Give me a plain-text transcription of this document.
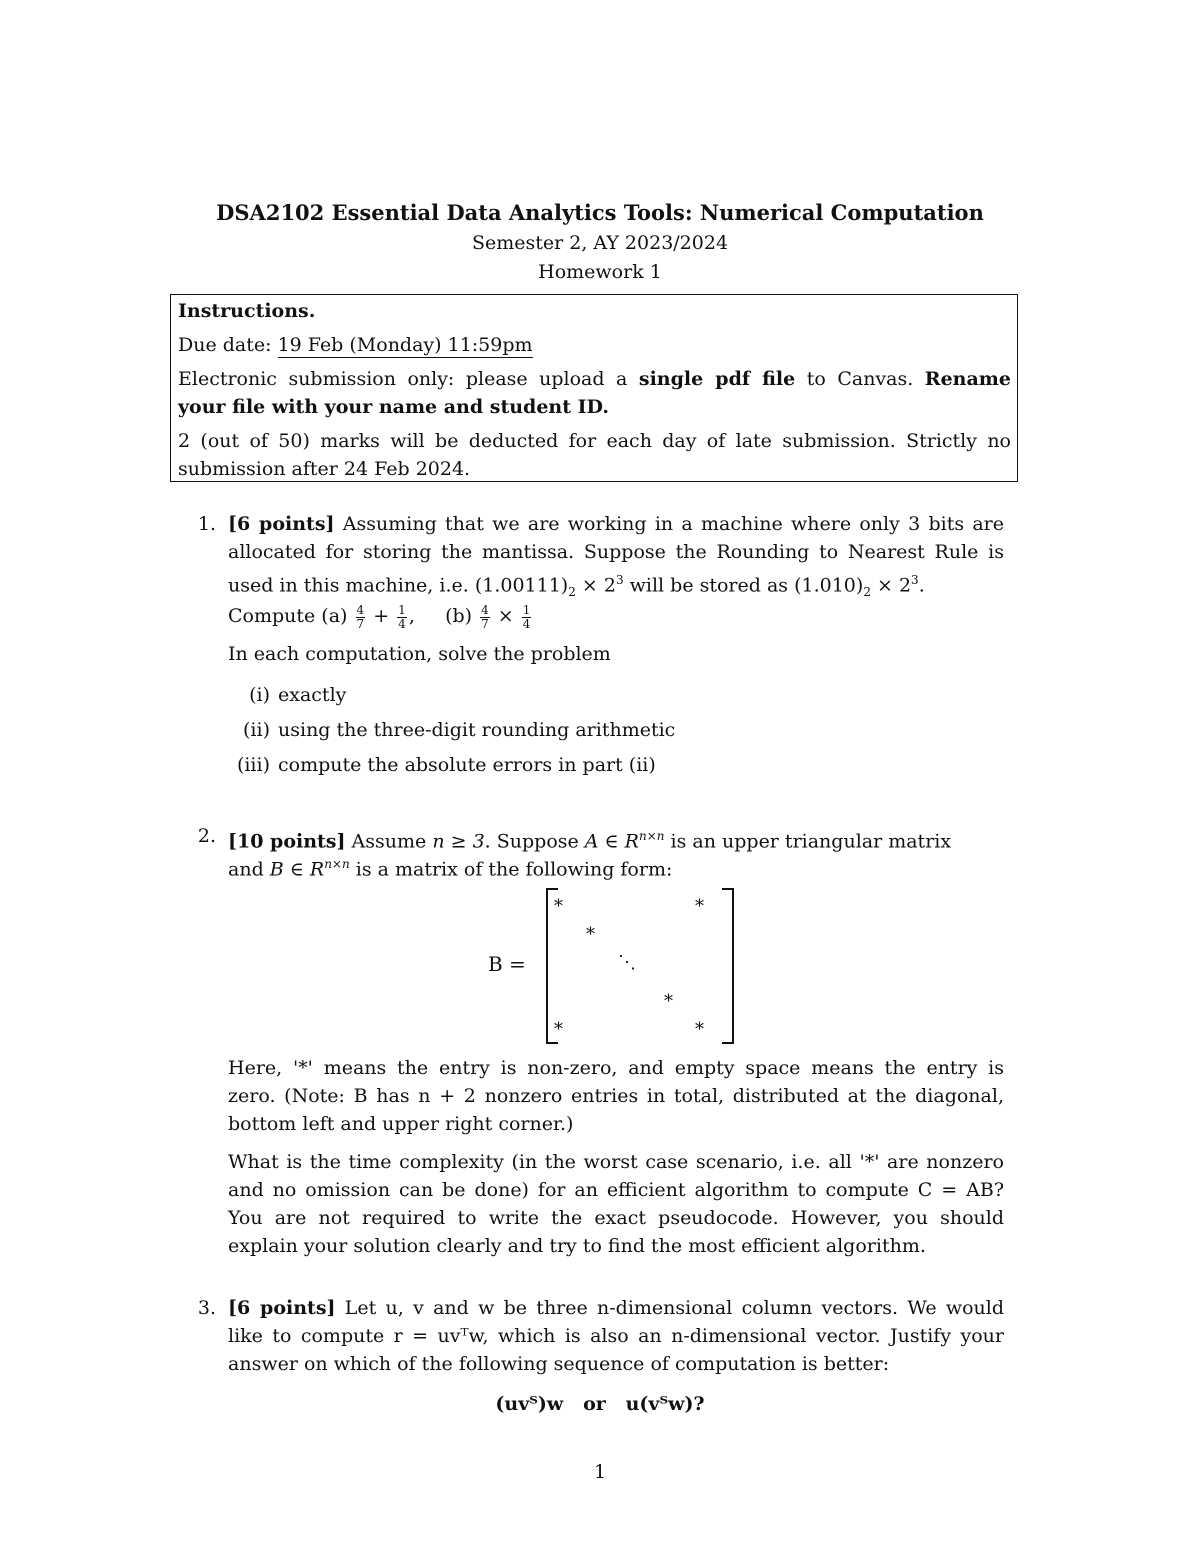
DSA2102 Essential Data Analytics Tools: Numerical Computation
Semester 2, AY 2023/2024
Homework 1
Instructions.
Due date: 19 Feb (Monday) 11:59pm
Electronic submission only: please upload a single pdf file to Canvas. Rename
your file with your name and student ID.
2 (out of 50) marks will be deducted for each day of late submission. Strictly no
submission after 24 Feb 2024.
1. [6 points] Assuming that we are working in a machine where only 3 bits are
allocated for storing the mantissa. Suppose the Rounding to Nearest Rule is
used in this machine, i.e. $(1.00111)_2 \times 2^3$ will be stored as $(1.010)_2 \times 2^3$.
Compute $(a) \frac{4}{7} + \frac{1}{4}$ , $(b) \frac{4}{7} \times \frac{1}{4}$
In each computation, solve the problem
(i) exactly
(ii) using the three-digit rounding arithmetic
(iii) compute the absolute errors in part (ii)
2. [10 points] Assume n ≥ 3. Suppose A ∈ $R^{n\times n}$ is an upper triangular matrix
and B ∈ $R^{n\times n}$ is a matrix of the following form:
B =
*	*
*
⋱
*
*	*
Here, '*' means the entry is non-zero, and empty space means the entry is
zero. (Note: B has n + 2 nonzero entries in total, distributed at the diagonal,
bottom left and upper right corner.)
What is the time complexity (in the worst case scenario, i.e. all '*' are nonzero
and no omission can be done) for an efficient algorithm to compute C = AB?
You are not required to write the exact pseudocode. However, you should
explain your solution clearly and try to find the most efficient algorithm.
3. [6 points] Let u, v and w be three n-dimensional column vectors. We would
like to compute r = uvᵀw, which is also an n-dimensional vector. Justify your
answer on which of the following sequence of computation is better:
(uvᵀ)w   or   u(vᵀw)?
1
